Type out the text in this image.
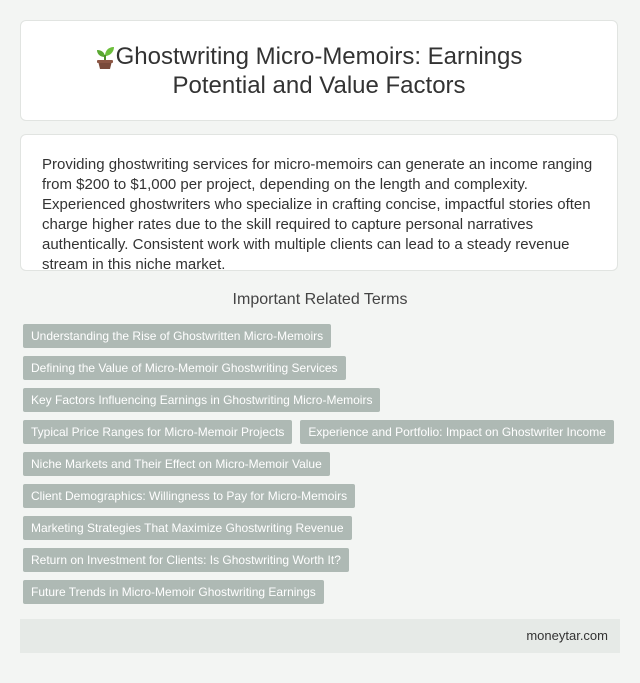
Ghostwriting Micro-Memoirs: Earnings Potential and Value Factors
Providing ghostwriting services for micro-memoirs can generate an income ranging from $200 to $1,000 per project, depending on the length and complexity. Experienced ghostwriters who specialize in crafting concise, impactful stories often charge higher rates due to the skill required to capture personal narratives authentically. Consistent work with multiple clients can lead to a steady revenue stream in this niche market.
Important Related Terms
Understanding the Rise of Ghostwritten Micro-Memoirs
Defining the Value of Micro-Memoir Ghostwriting Services
Key Factors Influencing Earnings in Ghostwriting Micro-Memoirs
Typical Price Ranges for Micro-Memoir Projects	Experience and Portfolio: Impact on Ghostwriter Income
Niche Markets and Their Effect on Micro-Memoir Value
Client Demographics: Willingness to Pay for Micro-Memoirs
Marketing Strategies That Maximize Ghostwriting Revenue
Return on Investment for Clients: Is Ghostwriting Worth It?
Future Trends in Micro-Memoir Ghostwriting Earnings
moneytar.com
